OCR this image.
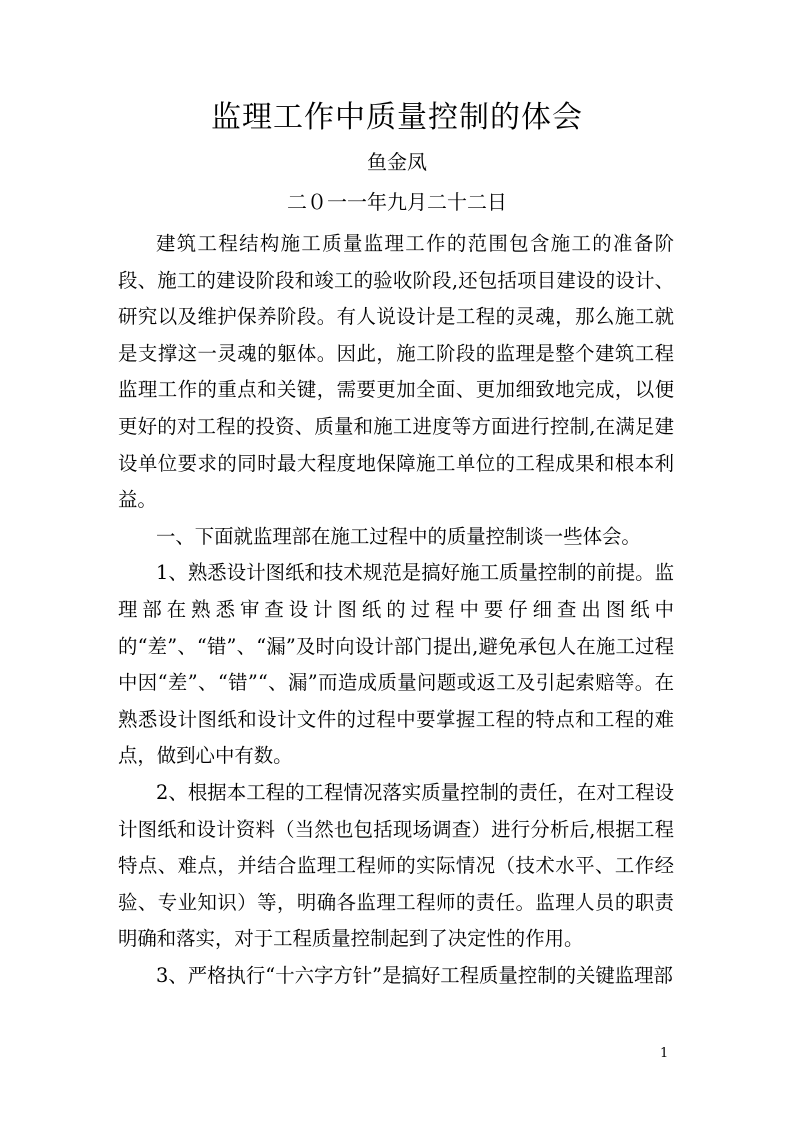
监理工作中质量控制的体会
鱼金凤
二０一一年九月二十二日

建筑工程结构施工质量监理工作的范围包含施工的准备阶段、施工的建设阶段和竣工的验收阶段,还包括项目建设的设计、研究以及维护保养阶段。有人说设计是工程的灵魂，那么施工就是支撑这一灵魂的躯体。因此，施工阶段的监理是整个建筑工程监理工作的重点和关键，需要更加全面、更加细致地完成，以便更好的对工程的投资、质量和施工进度等方面进行控制,在满足建设单位要求的同时最大程度地保障施工单位的工程成果和根本利益。

一、下面就监理部在施工过程中的质量控制谈一些体会。

1、熟悉设计图纸和技术规范是搞好施工质量控制的前提。监理部在熟悉审查设计图纸的过程中要仔细查出图纸中的“差”、“错”、“漏”及时向设计部门提出,避免承包人在施工过程中因“差”、“错”“、漏”而造成质量问题或返工及引起索赔等。在熟悉设计图纸和设计文件的过程中要掌握工程的特点和工程的难点，做到心中有数。

2、根据本工程的工程情况落实质量控制的责任，在对工程设计图纸和设计资料（当然也包括现场调查）进行分析后,根据工程特点、难点，并结合监理工程师的实际情况（技术水平、工作经验、专业知识）等，明确各监理工程师的责任。监理人员的职责明确和落实，对于工程质量控制起到了决定性的作用。

3、严格执行“十六字方针”是搞好工程质量控制的关键监理部

1
